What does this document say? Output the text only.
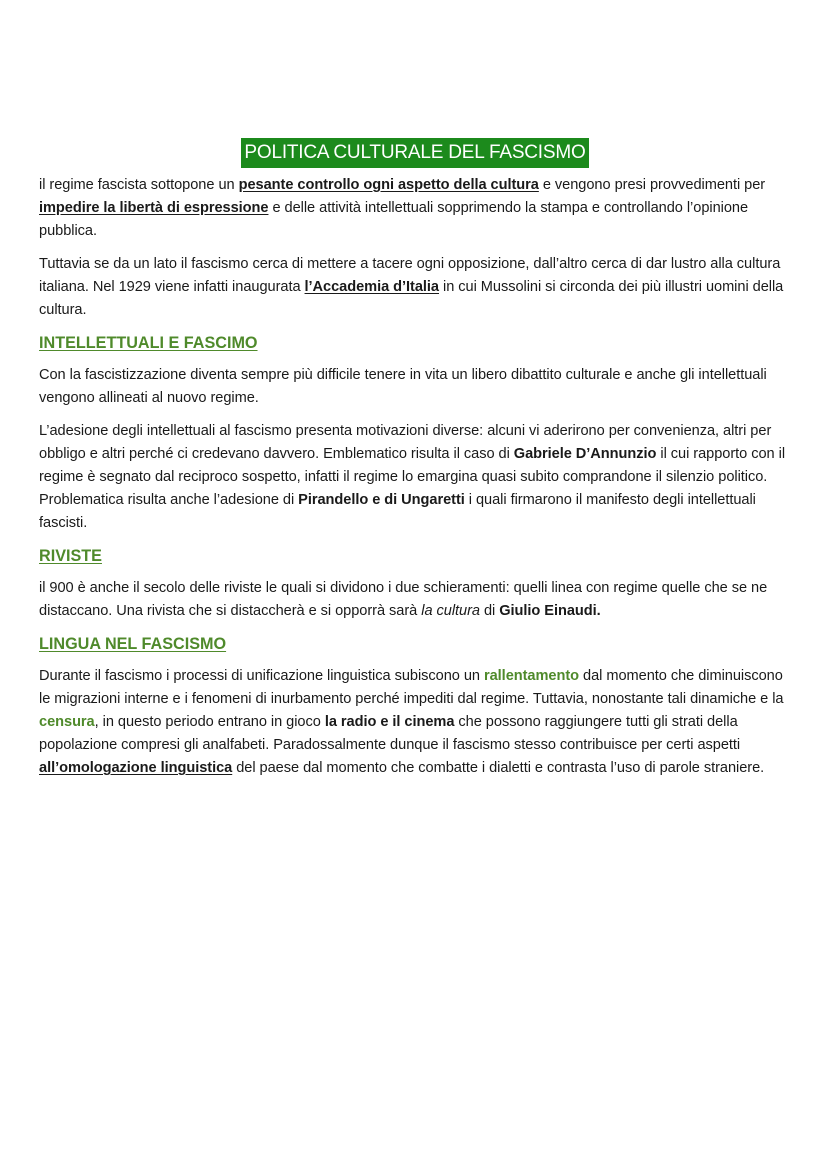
POLITICA CULTURALE DEL FASCISMO

il regime fascista sottopone un pesante controllo ogni aspetto della cultura e vengono presi provvedimenti per impedire la libertà di espressione e delle attività intellettuali sopprimendo la stampa e controllando l’opinione pubblica.

Tuttavia se da un lato il fascismo cerca di mettere a tacere ogni opposizione, dall’altro cerca di dar lustro alla cultura italiana. Nel 1929 viene infatti inaugurata l’Accademia d’Italia in cui Mussolini si circonda dei più illustri uomini della cultura.

INTELLETTUALI E FASCIMO

Con la fascistizzazione diventa sempre più difficile tenere in vita un libero dibattito culturale e anche gli intellettuali vengono allineati al nuovo regime.

L’adesione degli intellettuali al fascismo presenta motivazioni diverse: alcuni vi aderirono per convenienza, altri per obbligo e altri perché ci credevano davvero. Emblematico risulta il caso di Gabriele D’Annunzio il cui rapporto con il regime è segnato dal reciproco sospetto, infatti il regime lo emargina quasi subito comprandone il silenzio politico. Problematica risulta anche l’adesione di Pirandello e di Ungaretti i quali firmarono il manifesto degli intellettuali fascisti.

RIVISTE

il 900 è anche il secolo delle riviste le quali si dividono i due schieramenti: quelli linea con regime quelle che se ne distaccano. Una rivista che si distaccherà e si opporrà sarà la cultura di Giulio Einaudi.

LINGUA NEL FASCISMO

Durante il fascismo i processi di unificazione linguistica subiscono un rallentamento dal momento che diminuiscono le migrazioni interne e i fenomeni di inurbamento perché impediti dal regime. Tuttavia, nonostante tali dinamiche e la censura, in questo periodo entrano in gioco la radio e il cinema che possono raggiungere tutti gli strati della popolazione compresi gli analfabeti. Paradossalmente dunque il fascismo stesso contribuisce per certi aspetti all’omologazione linguistica del paese dal momento che combatte i dialetti e contrasta l’uso di parole straniere.
